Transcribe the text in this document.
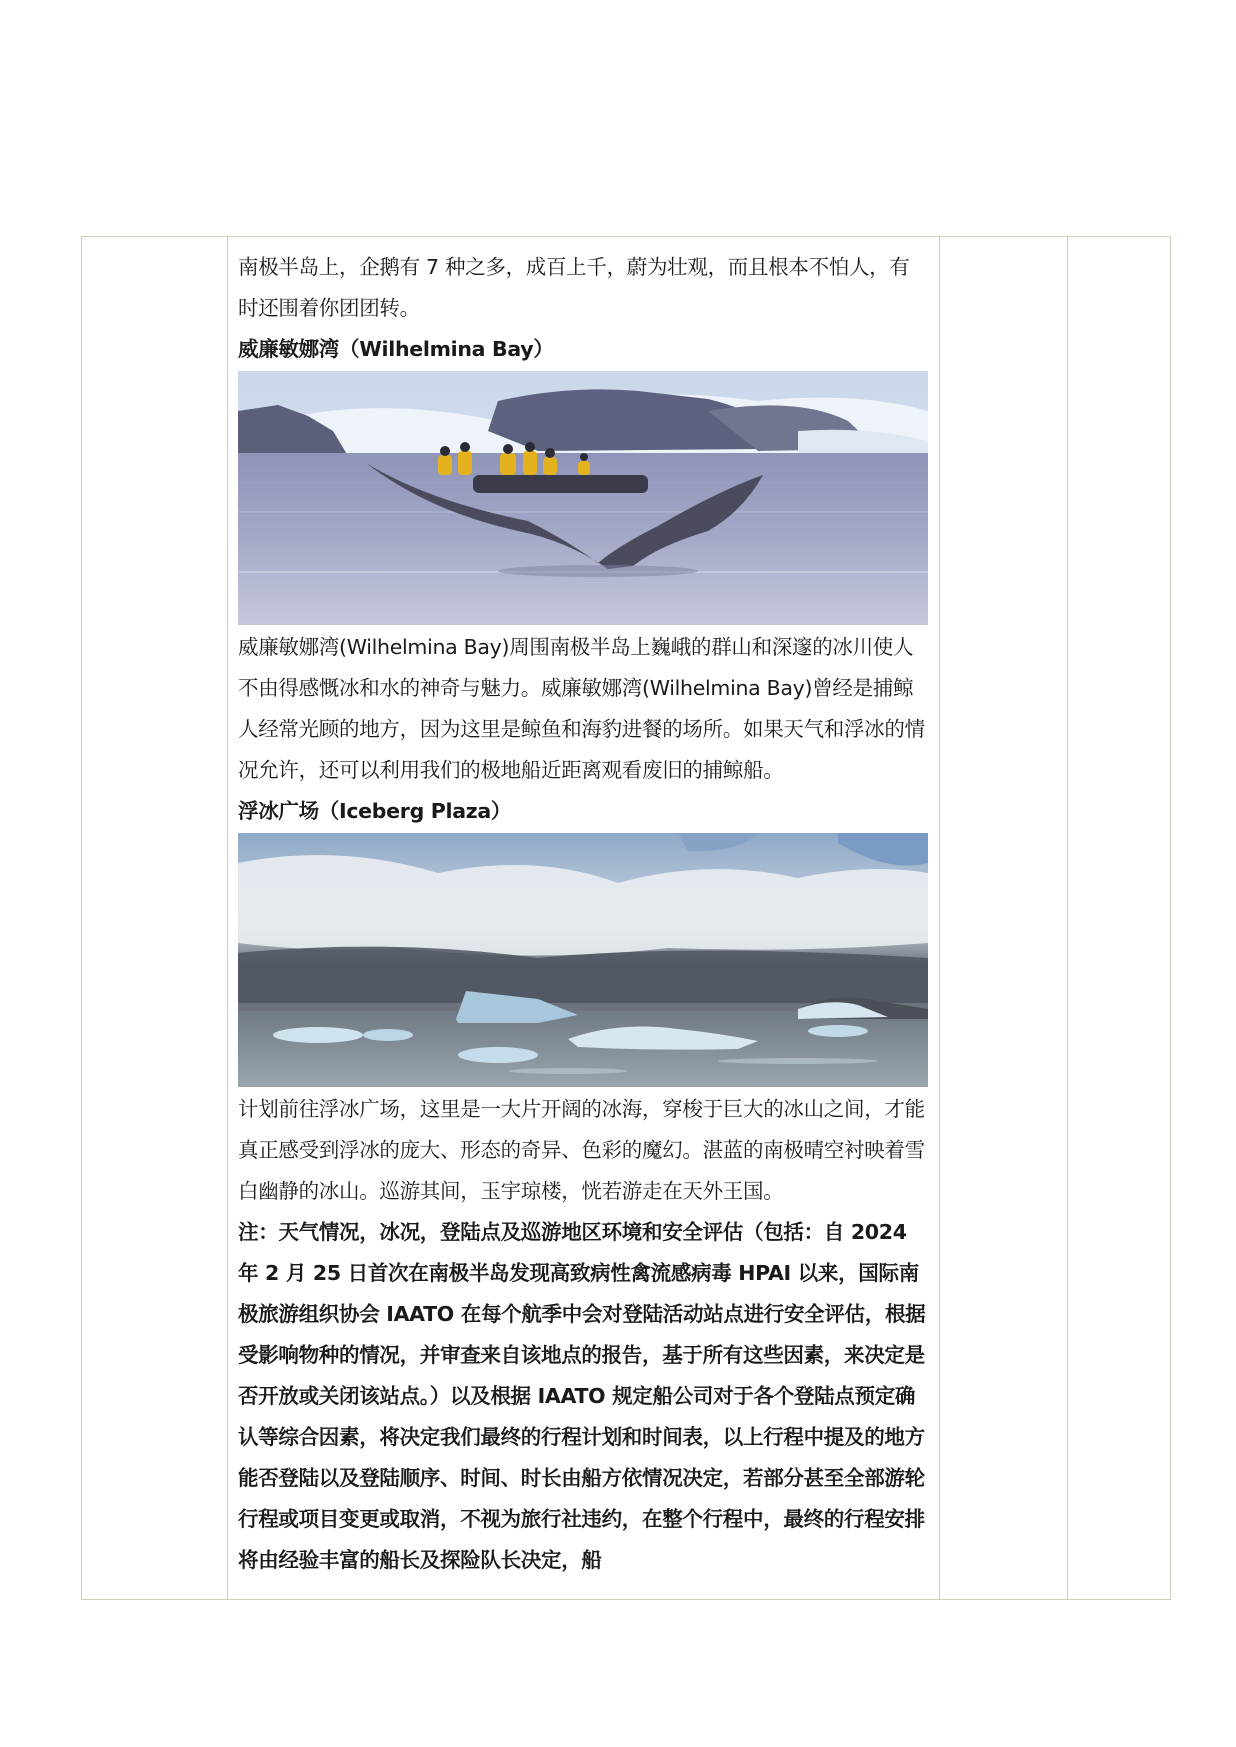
南极半岛上，企鹅有 7 种之多，成百上千，蔚为壮观，而且根本不怕人，有时还围着你团团转。

威廉敏娜湾（Wilhelmina Bay）

威廉敏娜湾(Wilhelmina Bay)周围南极半岛上巍峨的群山和深邃的冰川使人不由得感慨冰和水的神奇与魅力。威廉敏娜湾(Wilhelmina Bay)曾经是捕鲸人经常光顾的地方，因为这里是鲸鱼和海豹进餐的场所。如果天气和浮冰的情况允许，还可以利用我们的极地船近距离观看废旧的捕鲸船。

浮冰广场（Iceberg Plaza）

计划前往浮冰广场，这里是一大片开阔的冰海，穿梭于巨大的冰山之间，才能真正感受到浮冰的庞大、形态的奇异、色彩的魔幻。湛蓝的南极晴空衬映着雪白幽静的冰山。巡游其间，玉宇琼楼，恍若游走在天外王国。

注：天气情况，冰况，登陆点及巡游地区环境和安全评估（包括：自 2024 年 2 月 25 日首次在南极半岛发现高致病性禽流感病毒 HPAI 以来，国际南极旅游组织协会 IAATO 在每个航季中会对登陆活动站点进行安全评估，根据受影响物种的情况，并审查来自该地点的报告，基于所有这些因素，来决定是否开放或关闭该站点。）以及根据 IAATO 规定船公司对于各个登陆点预定确认等综合因素，将决定我们最终的行程计划和时间表，以上行程中提及的地方能否登陆以及登陆顺序、时间、时长由船方依情况决定，若部分甚至全部游轮行程或项目变更或取消，不视为旅行社违约，在整个行程中，最终的行程安排将由经验丰富的船长及探险队长决定，船
